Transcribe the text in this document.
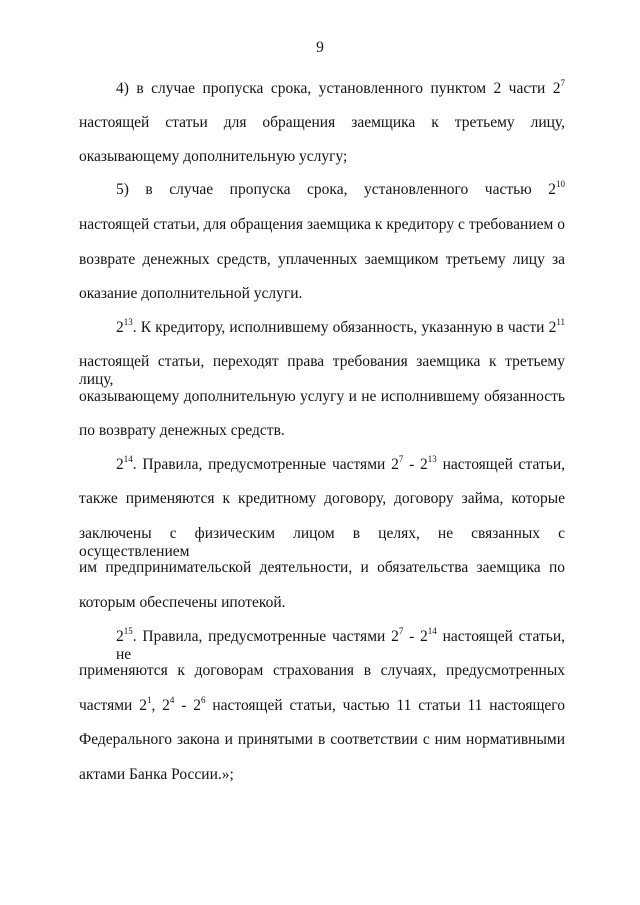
9
4) в случае пропуска срока, установленного пунктом 2 части $2^7$
настоящей статьи для обращения заемщика к третьему лицу,
оказывающему дополнительную услугу;
5) в случае пропуска срока, установленного частью $2^{10}$
настоящей статьи, для обращения заемщика к кредитору с требованием о
возврате денежных средств, уплаченных заемщиком третьему лицу за
оказание дополнительной услуги.
$2^{13}$. К кредитору, исполнившему обязанность, указанную в части $2^{11}$
настоящей статьи, переходят права требования заемщика к третьему лицу,
оказывающему дополнительную услугу и не исполнившему обязанность
по возврату денежных средств.
$2^{14}$. Правила, предусмотренные частями $2^7 - 2^{13}$ настоящей статьи,
также применяются к кредитному договору, договору займа, которые
заключены с физическим лицом в целях, не связанных с осуществлением
им предпринимательской деятельности, и обязательства заемщика по
которым обеспечены ипотекой.
$2^{15}$. Правила, предусмотренные частями $2^7 - 2^{14}$ настоящей статьи, не
применяются к договорам страхования в случаях, предусмотренных
частями $2^1$, $2^4 - 2^6$ настоящей статьи, частью 11 статьи 11 настоящего
Федерального закона и принятыми в соответствии с ним нормативными
актами Банка России.»;
